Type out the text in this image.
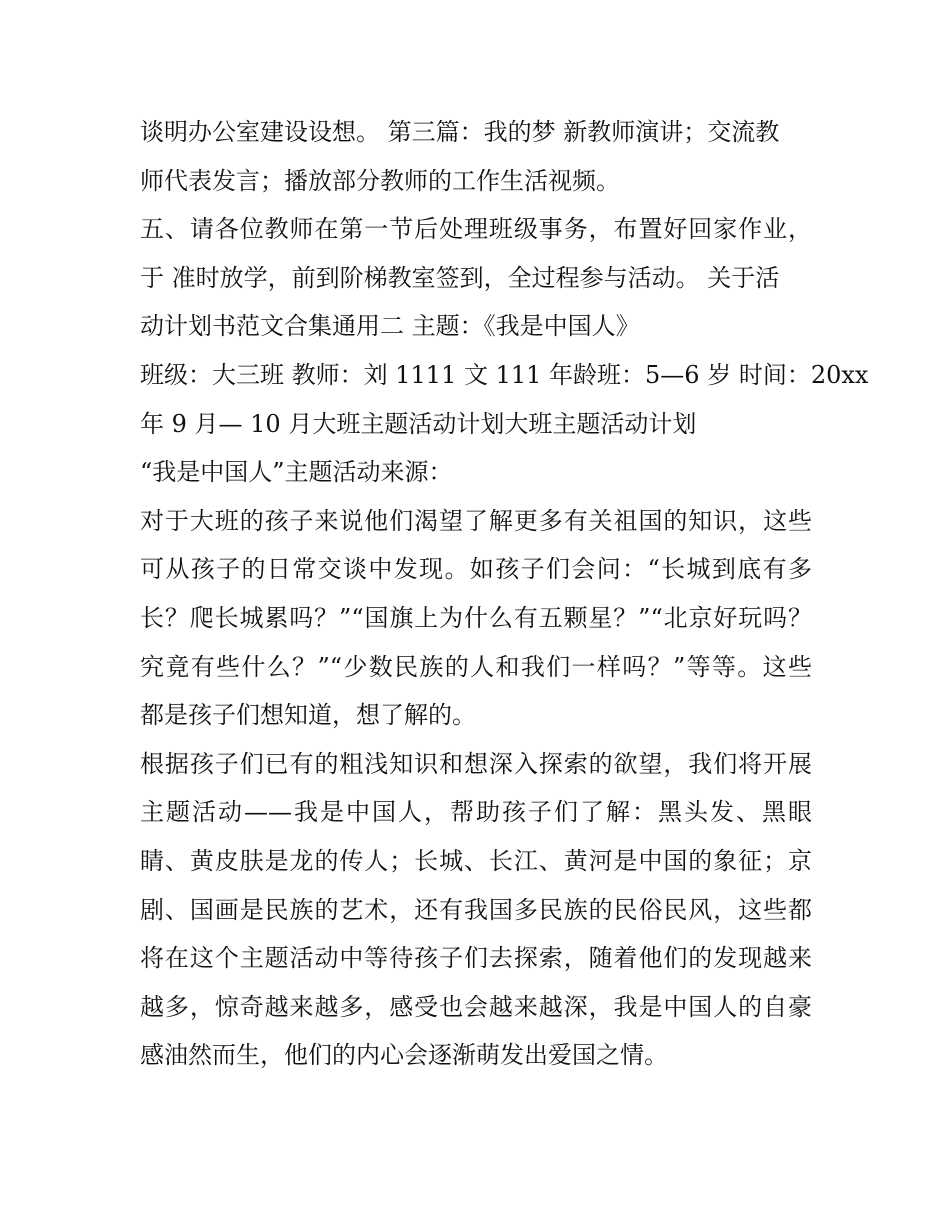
谈明办公室建设设想。 第三篇：我的梦 新教师演讲；交流教
师代表发言；播放部分教师的工作生活视频。
五、请各位教师在第一节后处理班级事务，布置好回家作业，
于 准时放学，前到阶梯教室签到，全过程参与活动。 关于活
动计划书范文合集通用二 主题：《我是中国人》
班级：大三班 教师：刘 1111 文 111 年龄班：5—6 岁 时间：20xx
年 9 月— 10 月大班主题活动计划大班主题活动计划
“我是中国人”主题活动来源：
对于大班的孩子来说他们渴望了解更多有关祖国的知识，这些
可从孩子的日常交谈中发现。如孩子们会问：“长城到底有多
长？爬长城累吗？”“国旗上为什么有五颗星？”“北京好玩吗？
究竟有些什么？”“少数民族的人和我们一样吗？”等等。这些
都是孩子们想知道，想了解的。
根据孩子们已有的粗浅知识和想深入探索的欲望，我们将开展
主题活动——我是中国人，帮助孩子们了解：黑头发、黑眼
睛、黄皮肤是龙的传人；长城、长江、黄河是中国的象征；京
剧、国画是民族的艺术，还有我国多民族的民俗民风，这些都
将在这个主题活动中等待孩子们去探索，随着他们的发现越来
越多，惊奇越来越多，感受也会越来越深，我是中国人的自豪
感油然而生，他们的内心会逐渐萌发出爱国之情。
